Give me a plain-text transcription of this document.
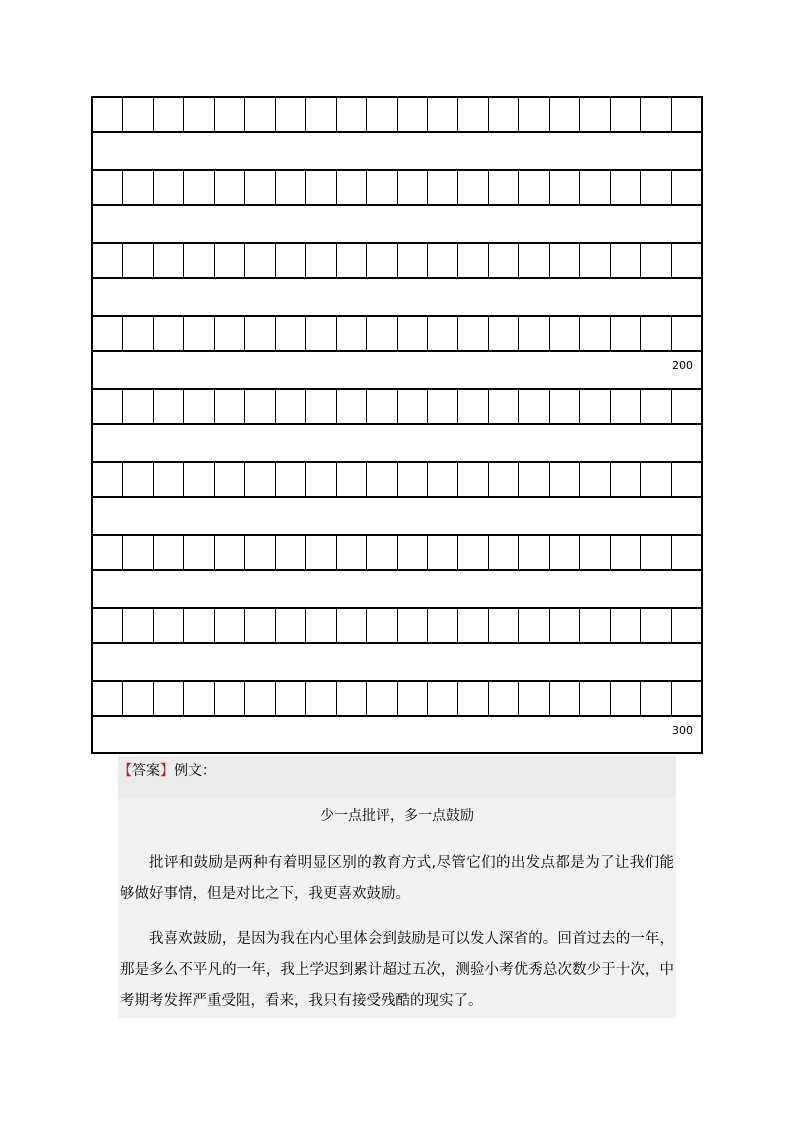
200
300
【答案】例文：
少一点批评，多一点鼓励

批评和鼓励是两种有着明显区别的教育方式,尽管它们的出发点都是为了让我们能够做好事情，但是对比之下，我更喜欢鼓励。

我喜欢鼓励，是因为我在内心里体会到鼓励是可以发人深省的。回首过去的一年，那是多么不平凡的一年，我上学迟到累计超过五次，测验小考优秀总次数少于十次，中考期考发挥严重受阻，看来，我只有接受残酷的现实了。
